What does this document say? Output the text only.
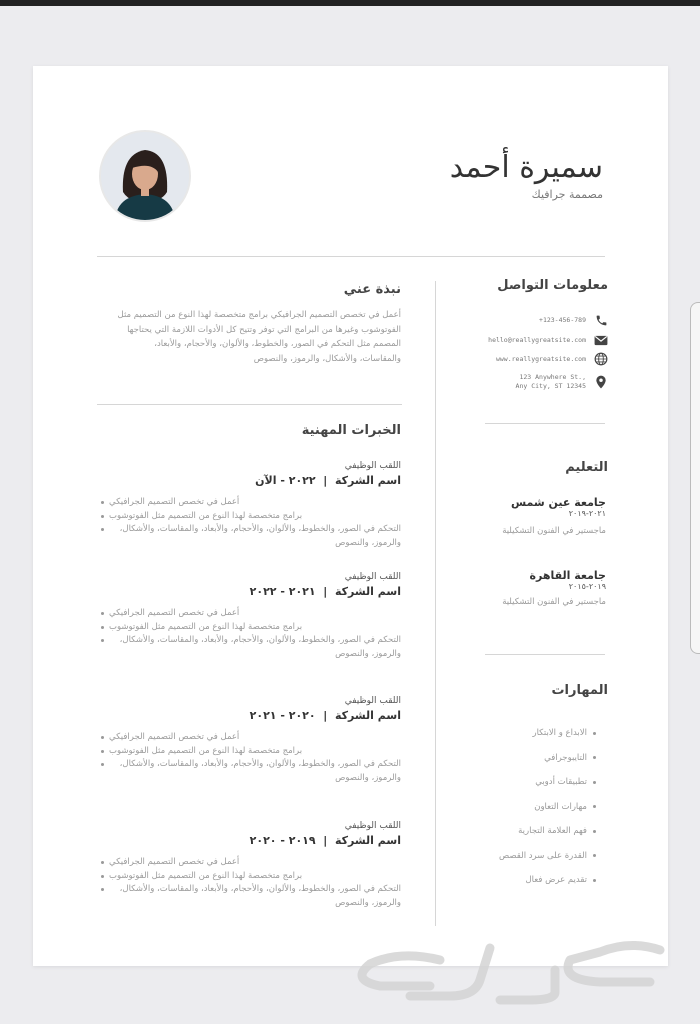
سميرة أحمد
مصممة جرافيك
معلومات التواصل
+123-456-789
hello@reallygreatsite.com
www.reallygreatsite.com
123 Anywhere St.,
Any City, ST 12345
التعليم
جامعة عين شمس
٢٠٢١-٢٠١٩
ماجستير في الفنون التشكيلية
جامعة القاهرة
٢٠١٩-٢٠١٥
ماجستير في الفنون التشكيلية
المهارات
الابداع و الابتكار
التايبوجرافي
تطبيقات أدوبي
مهارات التعاون
فهم العلامة التجارية
القدرة على سرد القصص
تقديم عرض فعال
نبذة عني
أعمل في تخصص التصميم الجرافيكي برامج متخصصة لهذا النوع من التصميم مثل الفوتوشوب وغيرها من البرامج التي توفر وتتيح كل الأدوات اللازمة التي يحتاجها المصمم مثل التحكم في الصور، والخطوط، والألوان، والأحجام، والأبعاد، والمقاسات، والأشكال، والرموز، والنصوص
الخبرات المهنية
اللقب الوظيفي
اسم الشركة  |  ٢٠٢٢ - الآن
أعمل في تخصص التصميم الجرافيكي
برامج متخصصة لهذا النوع من التصميم مثل الفوتوشوب
التحكم في الصور، والخطوط، والألوان، والأحجام، والأبعاد، والمقاسات، والأشكال، والرموز، والنصوص
اللقب الوظيفي
اسم الشركة  |  ٢٠٢١ - ٢٠٢٢
أعمل في تخصص التصميم الجرافيكي
برامج متخصصة لهذا النوع من التصميم مثل الفوتوشوب
التحكم في الصور، والخطوط، والألوان، والأحجام، والأبعاد، والمقاسات، والأشكال، والرموز، والنصوص
اللقب الوظيفي
اسم الشركة  |  ٢٠٢٠ - ٢٠٢١
أعمل في تخصص التصميم الجرافيكي
برامج متخصصة لهذا النوع من التصميم مثل الفوتوشوب
التحكم في الصور، والخطوط، والألوان، والأحجام، والأبعاد، والمقاسات، والأشكال، والرموز، والنصوص
اللقب الوظيفي
اسم الشركة  |  ٢٠١٩ - ٢٠٢٠
أعمل في تخصص التصميم الجرافيكي
برامج متخصصة لهذا النوع من التصميم مثل الفوتوشوب
التحكم في الصور، والخطوط، والألوان، والأحجام، والأبعاد، والمقاسات، والأشكال، والرموز، والنصوص
